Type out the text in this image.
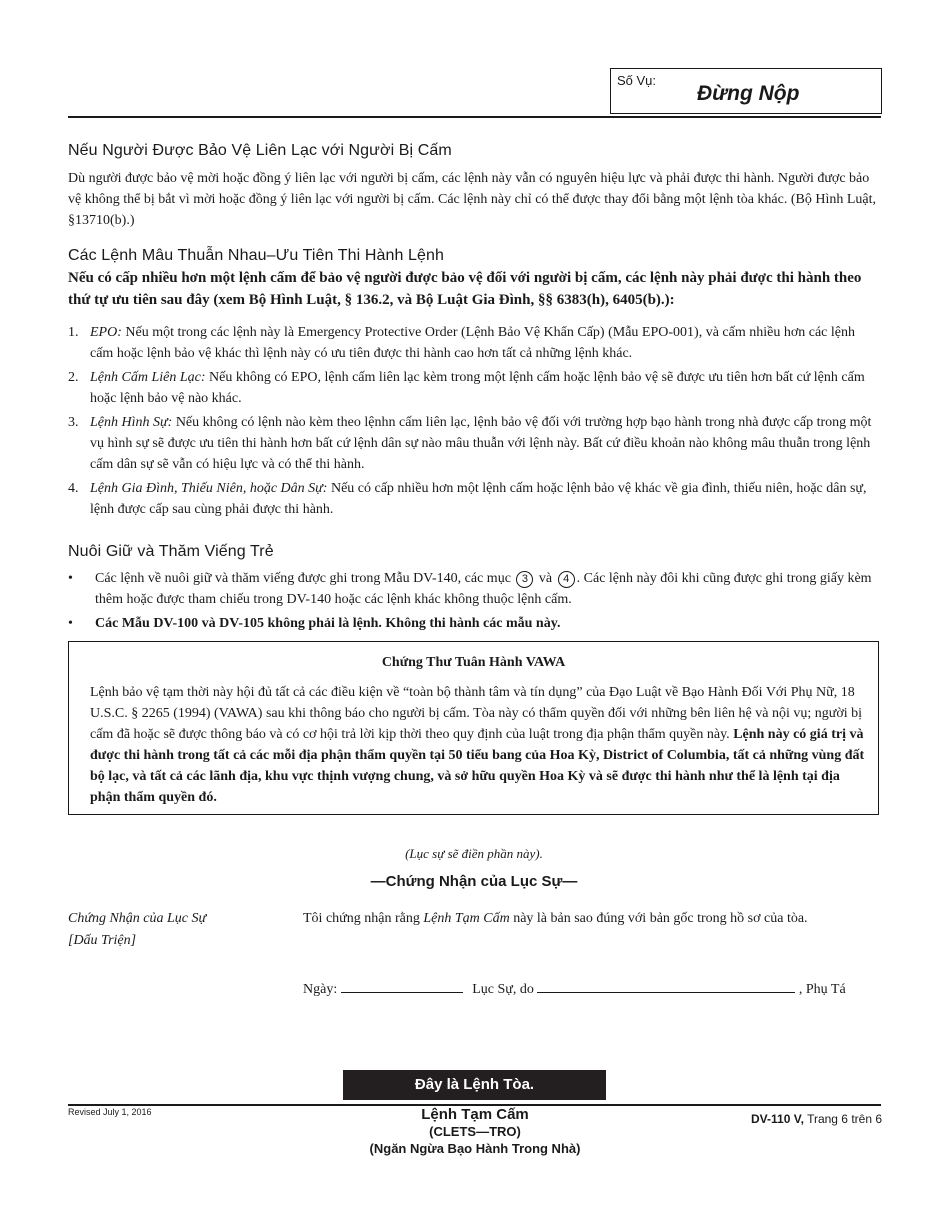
Số Vụ:
Đừng Nộp
Nếu Người Được Bảo Vệ Liên Lạc với Người Bị Cấm
Dù người được bảo vệ mời hoặc đồng ý liên lạc với người bị cấm, các lệnh này vẫn có nguyên hiệu lực và phải được thi hành. Người được bảo vệ không thể bị bắt vì mời hoặc đồng ý liên lạc với người bị cấm. Các lệnh này chỉ có thể được thay đổi bằng một lệnh tòa khác. (Bộ Hình Luật, §13710(b).)
Các Lệnh Mâu Thuẫn Nhau–Ưu Tiên Thi Hành Lệnh
Nếu có cấp nhiều hơn một lệnh cấm để bảo vệ người được bảo vệ đối với người bị cấm, các lệnh này phải được thi hành theo thứ tự ưu tiên sau đây (xem Bộ Hình Luật, § 136.2, và Bộ Luật Gia Đình, §§ 6383(h), 6405(b).):
1. EPO: Nếu một trong các lệnh này là Emergency Protective Order (Lệnh Bảo Vệ Khẩn Cấp) (Mẫu EPO-001), và cấm nhiều hơn các lệnh cấm hoặc lệnh bảo vệ khác thì lệnh này có ưu tiên được thi hành cao hơn tất cả những lệnh khác.
2. Lệnh Cấm Liên Lạc: Nếu không có EPO, lệnh cấm liên lạc kèm trong một lệnh cấm hoặc lệnh bảo vệ sẽ được ưu tiên hơn bất cứ lệnh cấm hoặc lệnh bảo vệ nào khác.
3. Lệnh Hình Sự: Nếu không có lệnh nào kèm theo lệnhn cấm liên lạc, lệnh bảo vệ đối với trường hợp bạo hành trong nhà được cấp trong một vụ hình sự sẽ được ưu tiên thi hành hơn bất cứ lệnh dân sự nào mâu thuẫn với lệnh này. Bất cứ điều khoản nào không mâu thuẫn trong lệnh cấm dân sự sẽ vẫn có hiệu lực và có thể thi hành.
4. Lệnh Gia Đình, Thiếu Niên, hoặc Dân Sự: Nếu có cấp nhiều hơn một lệnh cấm hoặc lệnh bảo vệ khác về gia đình, thiếu niên, hoặc dân sự, lệnh được cấp sau cùng phải được thi hành.
Nuôi Giữ và Thăm Viếng Trẻ
• Các lệnh về nuôi giữ và thăm viếng được ghi trong Mẫu DV-140, các mục 3 và 4 . Các lệnh này đôi khi cũng được ghi trong giấy kèm thêm hoặc được tham chiếu trong DV-140 hoặc các lệnh khác không thuộc lệnh cấm.
• Các Mẫu DV-100 và DV-105 không phải là lệnh. Không thi hành các mẫu này.
Chứng Thư Tuân Hành VAWA
Lệnh bảo vệ tạm thời này hội đủ tất cả các điều kiện về “toàn bộ thành tâm và tín dụng” của Đạo Luật về Bạo Hành Đối Với Phụ Nữ, 18 U.S.C. § 2265 (1994) (VAWA) sau khi thông báo cho người bị cấm. Tòa này có thẩm quyền đối với những bên liên hệ và nội vụ; người bị cấm đã hoặc sẽ được thông báo và có cơ hội trả lời kịp thời theo quy định của luật trong địa phận thẩm quyền này. Lệnh này có giá trị và được thi hành trong tất cả các mỗi địa phận thẩm quyền tại 50 tiểu bang của Hoa Kỳ, District of Columbia, tất cả những vùng đất bộ lạc, và tất cả các lãnh địa, khu vực thịnh vượng chung, và sở hữu quyền Hoa Kỳ và sẽ được thi hành như thể là lệnh tại địa phận thẩm quyền đó.
(Lục sự sẽ điền phần này).
—Chứng Nhận của Lục Sự—
Chứng Nhận của Lục Sự
[Dấu Triện]
Tôi chứng nhận rằng Lệnh Tạm Cấm này là bản sao đúng với bản gốc trong hồ sơ của tòa.
Ngày:	Lục Sự, do	, Phụ Tá
Đây là Lệnh Tòa.
Revised July 1, 2016	Lệnh Tạm Cấm
(CLETS—TRO)
(Ngăn Ngừa Bạo Hành Trong Nhà)
DV-110 V, Trang 6 trên 6
